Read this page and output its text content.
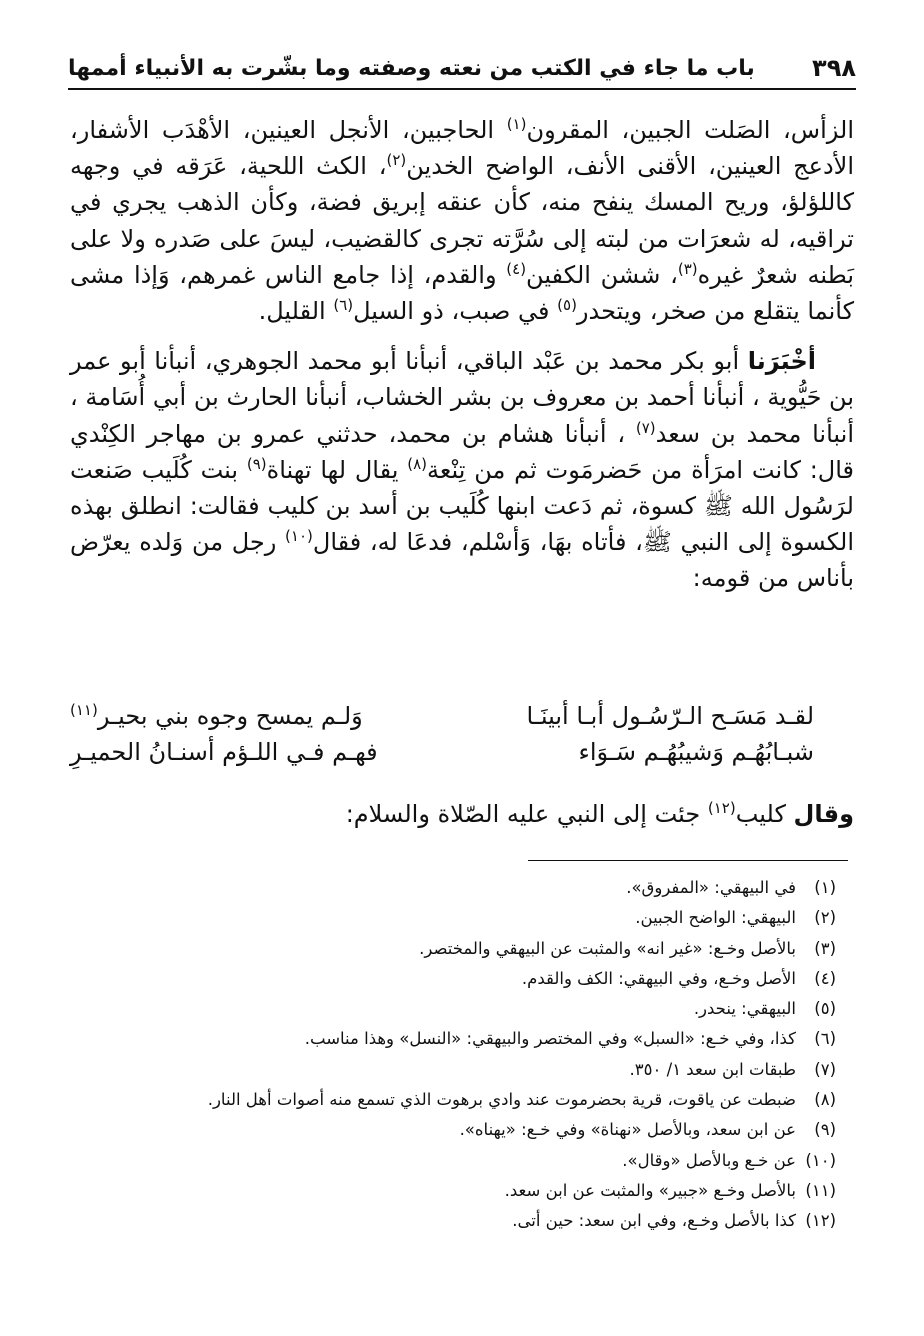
٣٩٨
باب ما جاء في الكتب من نعته وصفته وما بشّرت به الأنبياء أممها

الزأس، الصَلت الجبين، المقرون$^{(١)}$ الحاجبين، الأنجل العينين، الأهْدَب الأشفار، الأدعج العينين، الأقنى الأنف، الواضح الخدين$^{(٢)}$، الكث اللحية، عَرَقه في وجهه كاللؤلؤ، وريح المسك ينفح منه، كأن عنقه إبريق فضة، وكأن الذهب يجري في تراقيه، له شعرَات من لبته إلى سُرَّته تجرى كالقضيب، ليسَ على صَدره ولا على بَطنه شعرٌ غيره$^{(٣)}$، ششن الكفين$^{(٤)}$ والقدم، إذا جامع الناس غمرهم، وَإذا مشى كأنما يتقلع من صخر، ويتحدر$^{(٥)}$ في صبب، ذو السيل$^{(٦)}$ القليل.

أخْبَرَنا أبو بكر محمد بن عَبْد الباقي، أنبأنا أبو محمد الجوهري، أنبأنا أبو عمر بن حَيُّوية ، أنبأنا أحمد بن معروف بن بشر الخشاب، أنبأنا الحارث بن أبي أُسَامة ، أنبأنا محمد بن سعد$^{(٧)}$ ، أنبأنا هشام بن محمد، حدثني عمرو بن مهاجر الكِنْدي قال: كانت امرَأة من حَضرمَوت ثم من تِنْعة$^{(٨)}$ يقال لها تهناة$^{(٩)}$ بنت كُلَيب صَنعت لرَسُول الله ﷺ كسوة، ثم دَعت ابنها كُلَيب بن أسد بن كليب فقالت: انطلق بهذه الكسوة إلى النبي ﷺ، فأتاه بهَا، وَأسْلم، فدعَا له، فقال$^{(١٠)}$ رجل من وَلده يعرّض بأناس من قومه:

لقـد مَسَـح الـرّسُـول أبـا أبينَـا
وَلـم يمسح وجوه بني بحيـر$^{(١١)}$
شبـابُهُـم وَشيبُهُـم سَـوَاء
فهـم فـي اللـؤم أسنـانُ الحميـرِ
وقال كليب$^{(١٢)}$ جئت إلى النبي عليه الصّلاة والسلام:
(١)
في البيهقي: «المفروق».
(٢)
البيهقي: الواضح الجبين.
(٣)
بالأصل وخـع: «غير انه» والمثبت عن البيهقي والمختصر.
(٤)
الأصل وخـع، وفي البيهقي: الكف والقدم.
(٥)
البيهقي: ينحدر.
(٦)
كذا، وفي خـع: «السبل» وفي المختصر والبيهقي: «النسل» وهذا مناسب.
(٧)
طبقات ابن سعد ١/ ٣٥٠.
(٨)
ضبطت عن ياقوت، قرية بحضرموت عند وادي برهوت الذي تسمع منه أصوات أهل النار.
(٩)
عن ابن سعد، وبالأصل «نهناة» وفي خـع: «يهناه».
(١٠)
عن خـع وبالأصل «وقال».
(١١)
بالأصل وخـع «جبير» والمثبت عن ابن سعد.
(١٢)
كذا بالأصل وخـع، وفي ابن سعد: حين أتى.
